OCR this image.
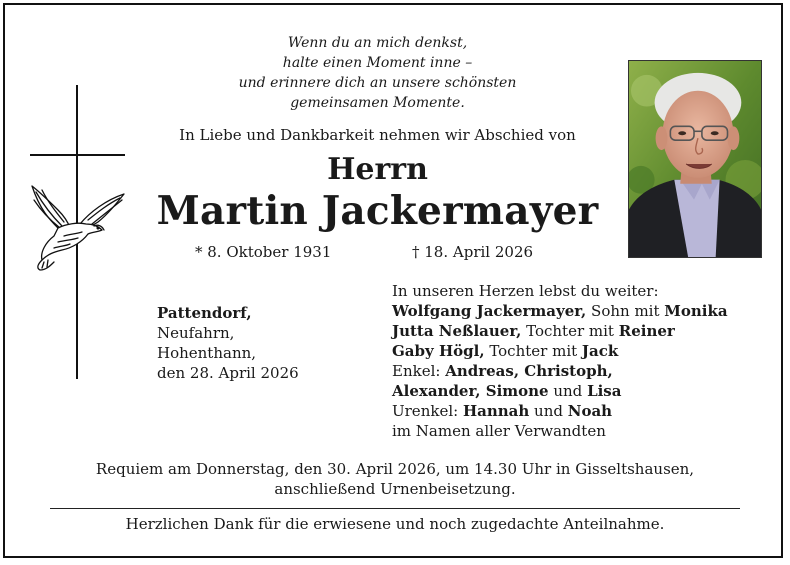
Wenn du an mich denkst,
halte einen Moment inne –
und erinnere dich an unsere schönsten
gemeinsamen Momente.
In Liebe und Dankbarkeit nehmen wir Abschied von
Herrn
Martin Jackermayer
* 8. Oktober 1931	† 18. April 2026
Pattendorf,
Neufahrn,
Hohenthann,
den 28. April 2026
In unseren Herzen lebst du weiter:
Wolfgang Jackermayer, Sohn mit Monika
Jutta Neßlauer, Tochter mit Reiner
Gaby Högl, Tochter mit Jack
Enkel: Andreas, Christoph,
Alexander, Simone und Lisa
Urenkel: Hannah und Noah
im Namen aller Verwandten
Requiem am Donnerstag, den 30. April 2026, um 14.30 Uhr in Gisseltshausen,
anschließend Urnenbeisetzung.
Herzlichen Dank für die erwiesene und noch zugedachte Anteilnahme.
